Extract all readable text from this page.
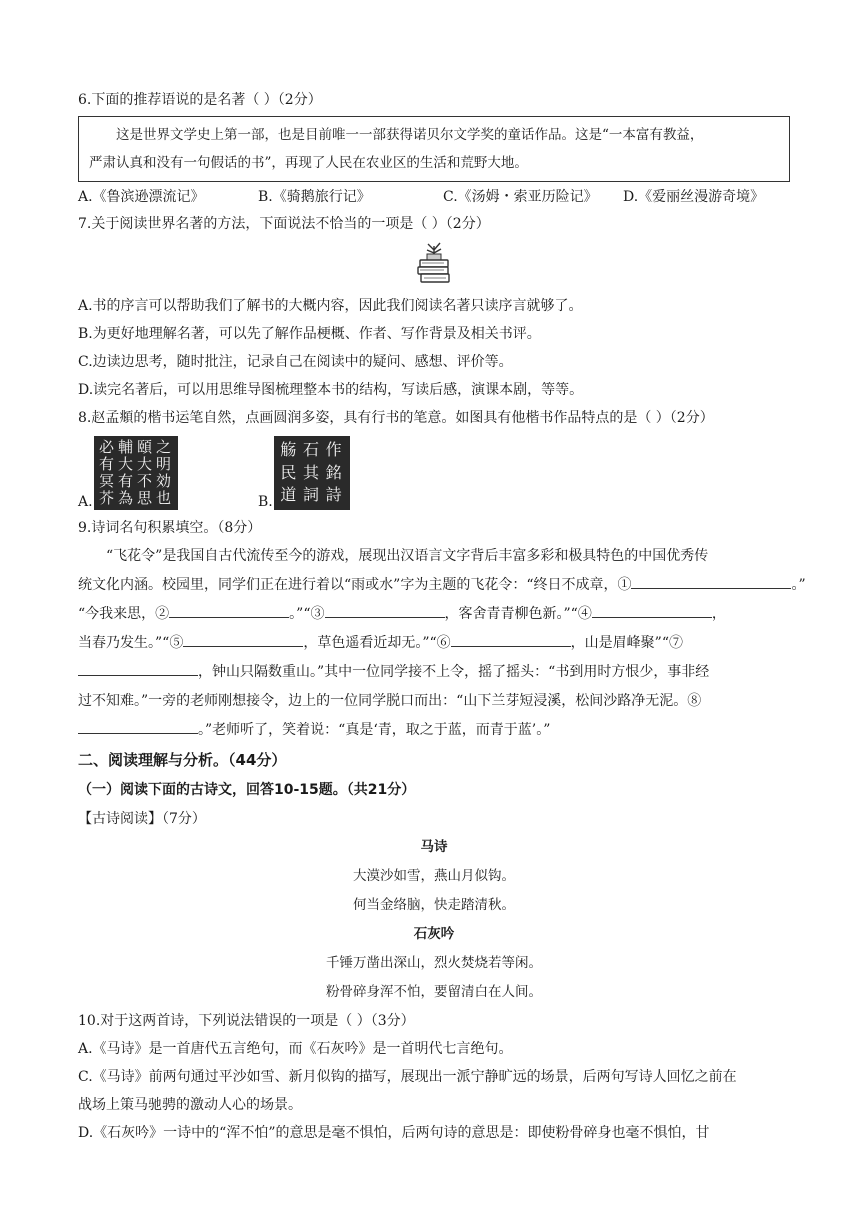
6.下面的推荐语说的是名著（ ）（2分）
这是世界文学史上第一部，也是目前唯一一部获得诺贝尔文学奖的童话作品。这是“一本富有教益，
严肃认真和没有一句假话的书”，再现了人民在农业区的生活和荒野大地。
A.《鲁滨逊漂流记》	B.《骑鹅旅行记》	C.《汤姆・索亚历险记》	D.《爱丽丝漫游奇境》
7.关于阅读世界名著的方法，下面说法不恰当的一项是（ ）（2分）
A.书的序言可以帮助我们了解书的大概内容，因此我们阅读名著只读序言就够了。
B.为更好地理解名著，可以先了解作品梗概、作者、写作背景及相关书评。
C.边读边思考，随时批注，记录自己在阅读中的疑问、感想、评价等。
D.读完名著后，可以用思维导图梳理整本书的结构，写读后感，演课本剧，等等。
8.赵孟頫的楷书运笔自然，点画圆润多姿，具有行书的笔意。如图具有他楷书作品特点的是（ ）（2分）
A.
必 輔 頤 之
有 大 大 明
冥 有 不 効
芥 為 思 也	B.
觞 石 作
民 其 銘
道 詞 詩
9.诗词名句积累填空。（8分）
“飞花令”是我国自古代流传至今的游戏，展现出汉语言文字背后丰富多彩和极具特色的中国优秀传
统文化内涵。校园里，同学们正在进行着以“雨或水”字为主题的飞花令：“终日不成章，①	。”
“今我来思，②	。”“③	，客舍青青柳色新。”“④	，
当春乃发生。”“⑤	，草色遥看近却无。”“⑥	，山是眉峰聚”“⑦
，钟山只隔数重山。”其中一位同学接不上令，摇了摇头：“书到用时方恨少，事非经
过不知难。”一旁的老师刚想接令，边上的一位同学脱口而出：“山下兰芽短浸溪，松间沙路净无泥。⑧
。”老师听了，笑着说：“真是‘青，取之于蓝，而青于蓝’。”
二、阅读理解与分析。（44分）
（一）阅读下面的古诗文，回答10-15题。（共21分）
【古诗阅读】（7分）
马诗
大漠沙如雪，燕山月似钩。
何当金络脑，快走踏清秋。
石灰吟
千锤万凿出深山，烈火焚烧若等闲。
粉骨碎身浑不怕，要留清白在人间。
10.对于这两首诗，下列说法错误的一项是（ ）（3分）
A.《马诗》是一首唐代五言绝句，而《石灰吟》是一首明代七言绝句。
C.《马诗》前两句通过平沙如雪、新月似钩的描写，展现出一派宁静旷远的场景，后两句写诗人回忆之前在
战场上策马驰骋的激动人心的场景。
D.《石灰吟》一诗中的“浑不怕”的意思是毫不惧怕，后两句诗的意思是：即使粉骨碎身也毫不惧怕，甘
